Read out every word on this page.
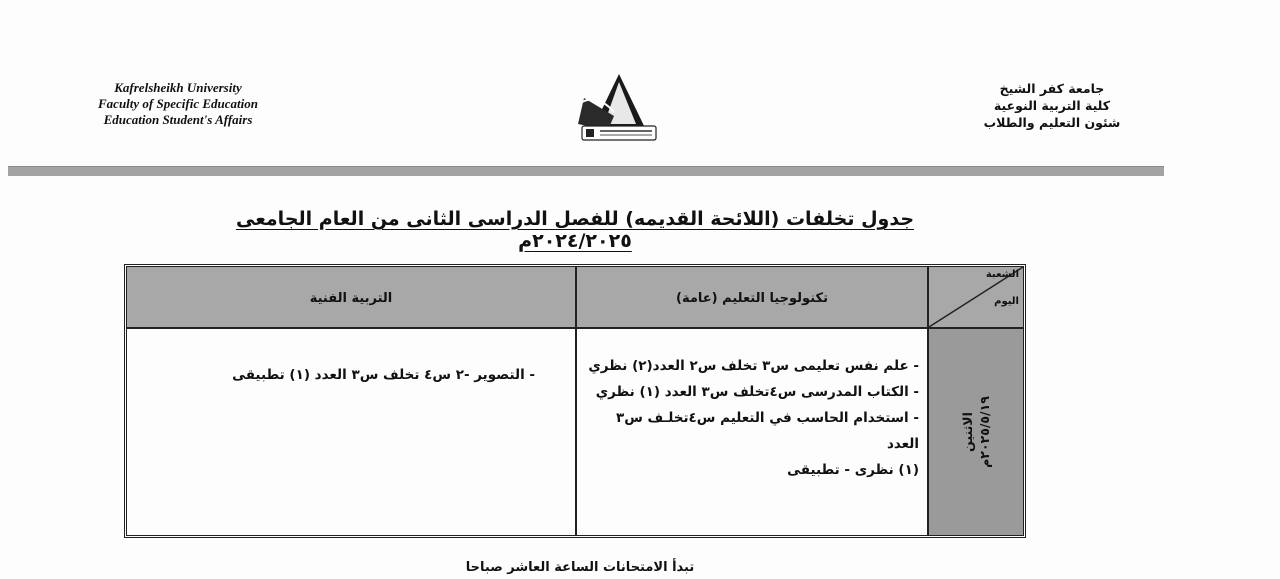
Kafrelsheikh University
Faculty of Specific Education
Education Student's Affairs
جامعة كفر الشيخ
كلية التربية النوعية
شئون التعليم والطلاب
جدول تخلفات (اللائحة القديمه) للفصل الدراسى الثانى من العام الجامعى ٢٠٢٤/٢٠٢٥م
الشعبة
اليوم
تكنولوجيا التعليم (عامة)
التربية الفنية
الاثنين
٢٠٢٥/٥/١٩م
- علم نفس تعليمى س٣ تخلف س٢ العدد(٢) نظري
- الكتاب المدرسى س٤تخلف س٣ العدد (١) نظري
- استخدام الحاسب في التعليم س٤تخلـف س٣ العدد
(١) نظرى - تطبيقى
- التصوير -٢ س٤ تخلف س٣ العدد (١) تطبيقى
تبدأ الامتحانات الساعة العاشر صباحا
